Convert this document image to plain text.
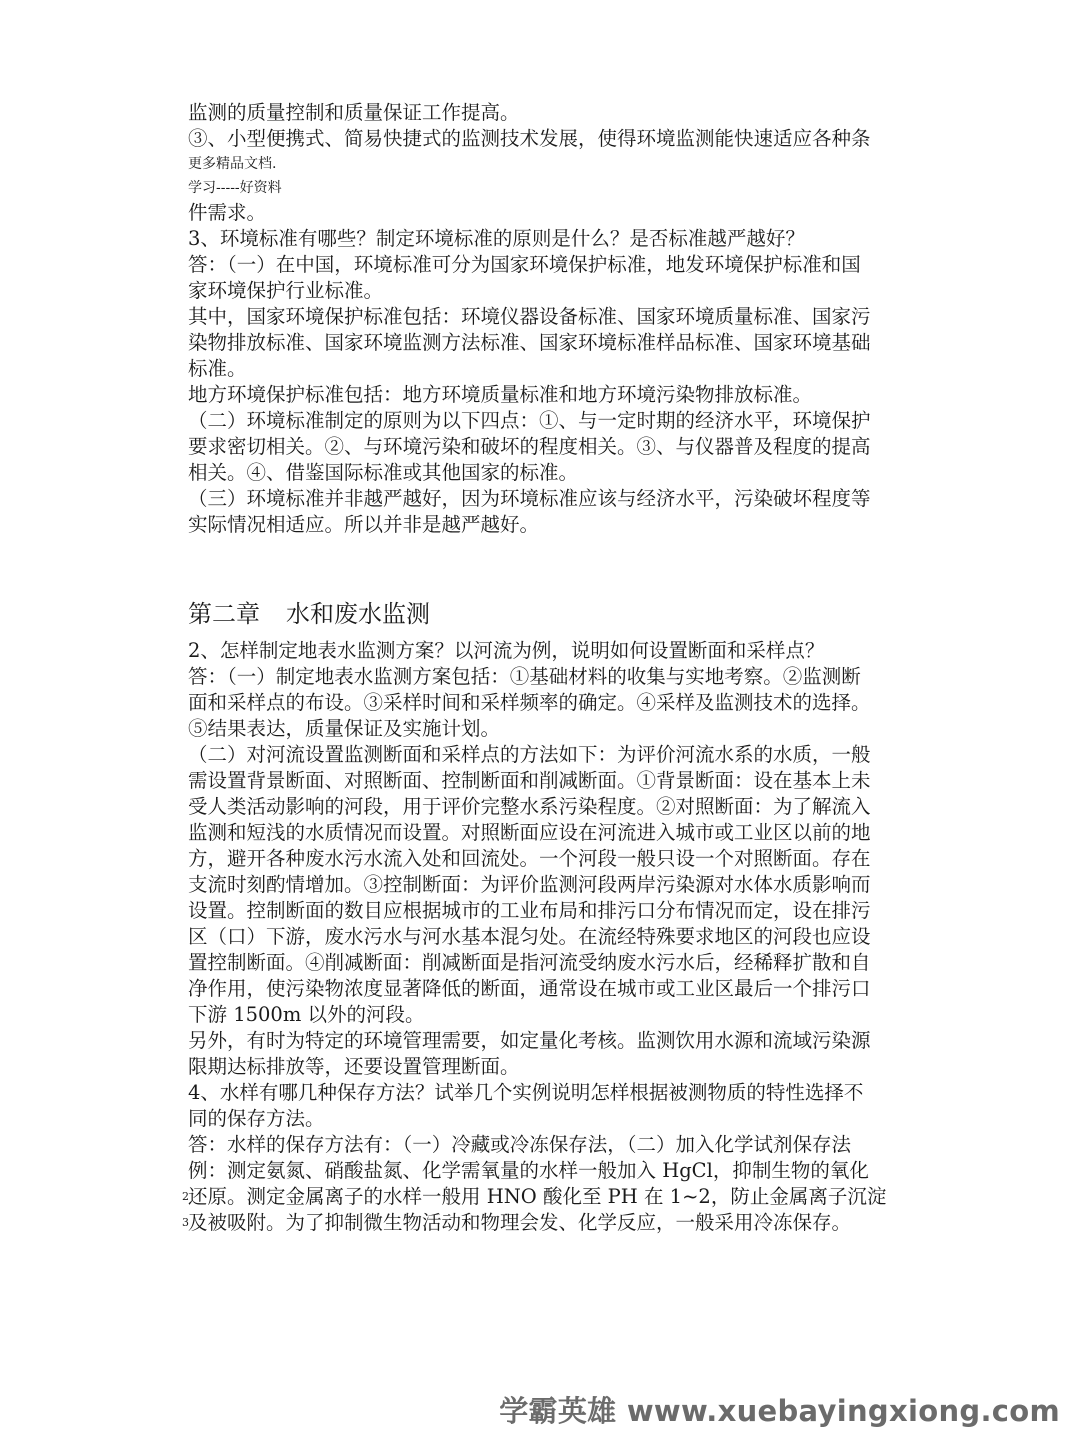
监测的质量控制和质量保证工作提高。
③、小型便携式、简易快捷式的监测技术发展，使得环境监测能快速适应各种条
更多精品文档.
学习-----好资料
件需求。
3、环境标准有哪些？制定环境标准的原则是什么？是否标准越严越好？
答：（一）在中国，环境标准可分为国家环境保护标准，地发环境保护标准和国
家环境保护行业标准。
其中，国家环境保护标准包括：环境仪器设备标准、国家环境质量标准、国家污
染物排放标准、国家环境监测方法标准、国家环境标准样品标准、国家环境基础
标准。
地方环境保护标准包括：地方环境质量标准和地方环境污染物排放标准。
（二）环境标准制定的原则为以下四点：①、与一定时期的经济水平，环境保护
要求密切相关。②、与环境污染和破坏的程度相关。③、与仪器普及程度的提高
相关。④、借鉴国际标准或其他国家的标准。
（三）环境标准并非越严越好，因为环境标准应该与经济水平，污染破坏程度等
实际情况相适应。所以并非是越严越好。
第二章 水和废水监测
2、怎样制定地表水监测方案？以河流为例，说明如何设置断面和采样点？
答：（一）制定地表水监测方案包括：①基础材料的收集与实地考察。②监测断
面和采样点的布设。③采样时间和采样频率的确定。④采样及监测技术的选择。
⑤结果表达，质量保证及实施计划。
（二）对河流设置监测断面和采样点的方法如下：为评价河流水系的水质，一般
需设置背景断面、对照断面、控制断面和削减断面。①背景断面：设在基本上未
受人类活动影响的河段，用于评价完整水系污染程度。②对照断面：为了解流入
监测和短浅的水质情况而设置。对照断面应设在河流进入城市或工业区以前的地
方，避开各种废水污水流入处和回流处。一个河段一般只设一个对照断面。存在
支流时刻酌情增加。③控制断面：为评价监测河段两岸污染源对水体水质影响而
设置。控制断面的数目应根据城市的工业布局和排污口分布情况而定，设在排污
区（口）下游，废水污水与河水基本混匀处。在流经特殊要求地区的河段也应设
置控制断面。④削减断面：削减断面是指河流受纳废水污水后，经稀释扩散和自
净作用，使污染物浓度显著降低的断面，通常设在城市或工业区最后一个排污口
下游 1500m 以外的河段。
另外，有时为特定的环境管理需要，如定量化考核。监测饮用水源和流域污染源
限期达标排放等，还要设置管理断面。
4、水样有哪几种保存方法？试举几个实例说明怎样根据被测物质的特性选择不
同的保存方法。
答：水样的保存方法有：（一）冷藏或冷冻保存法，（二）加入化学试剂保存法
例：测定氨氮、硝酸盐氮、化学需氧量的水样一般加入 HgCl，抑制生物的氧化
2 还原。测定金属离子的水样一般用 HNO 酸化至 PH 在 1~2，防止金属离子沉淀
3 及被吸附。为了抑制微生物活动和物理会发、化学反应，一般采用冷冻保存。
学霸英雄 www.xuebayingxiong.com
